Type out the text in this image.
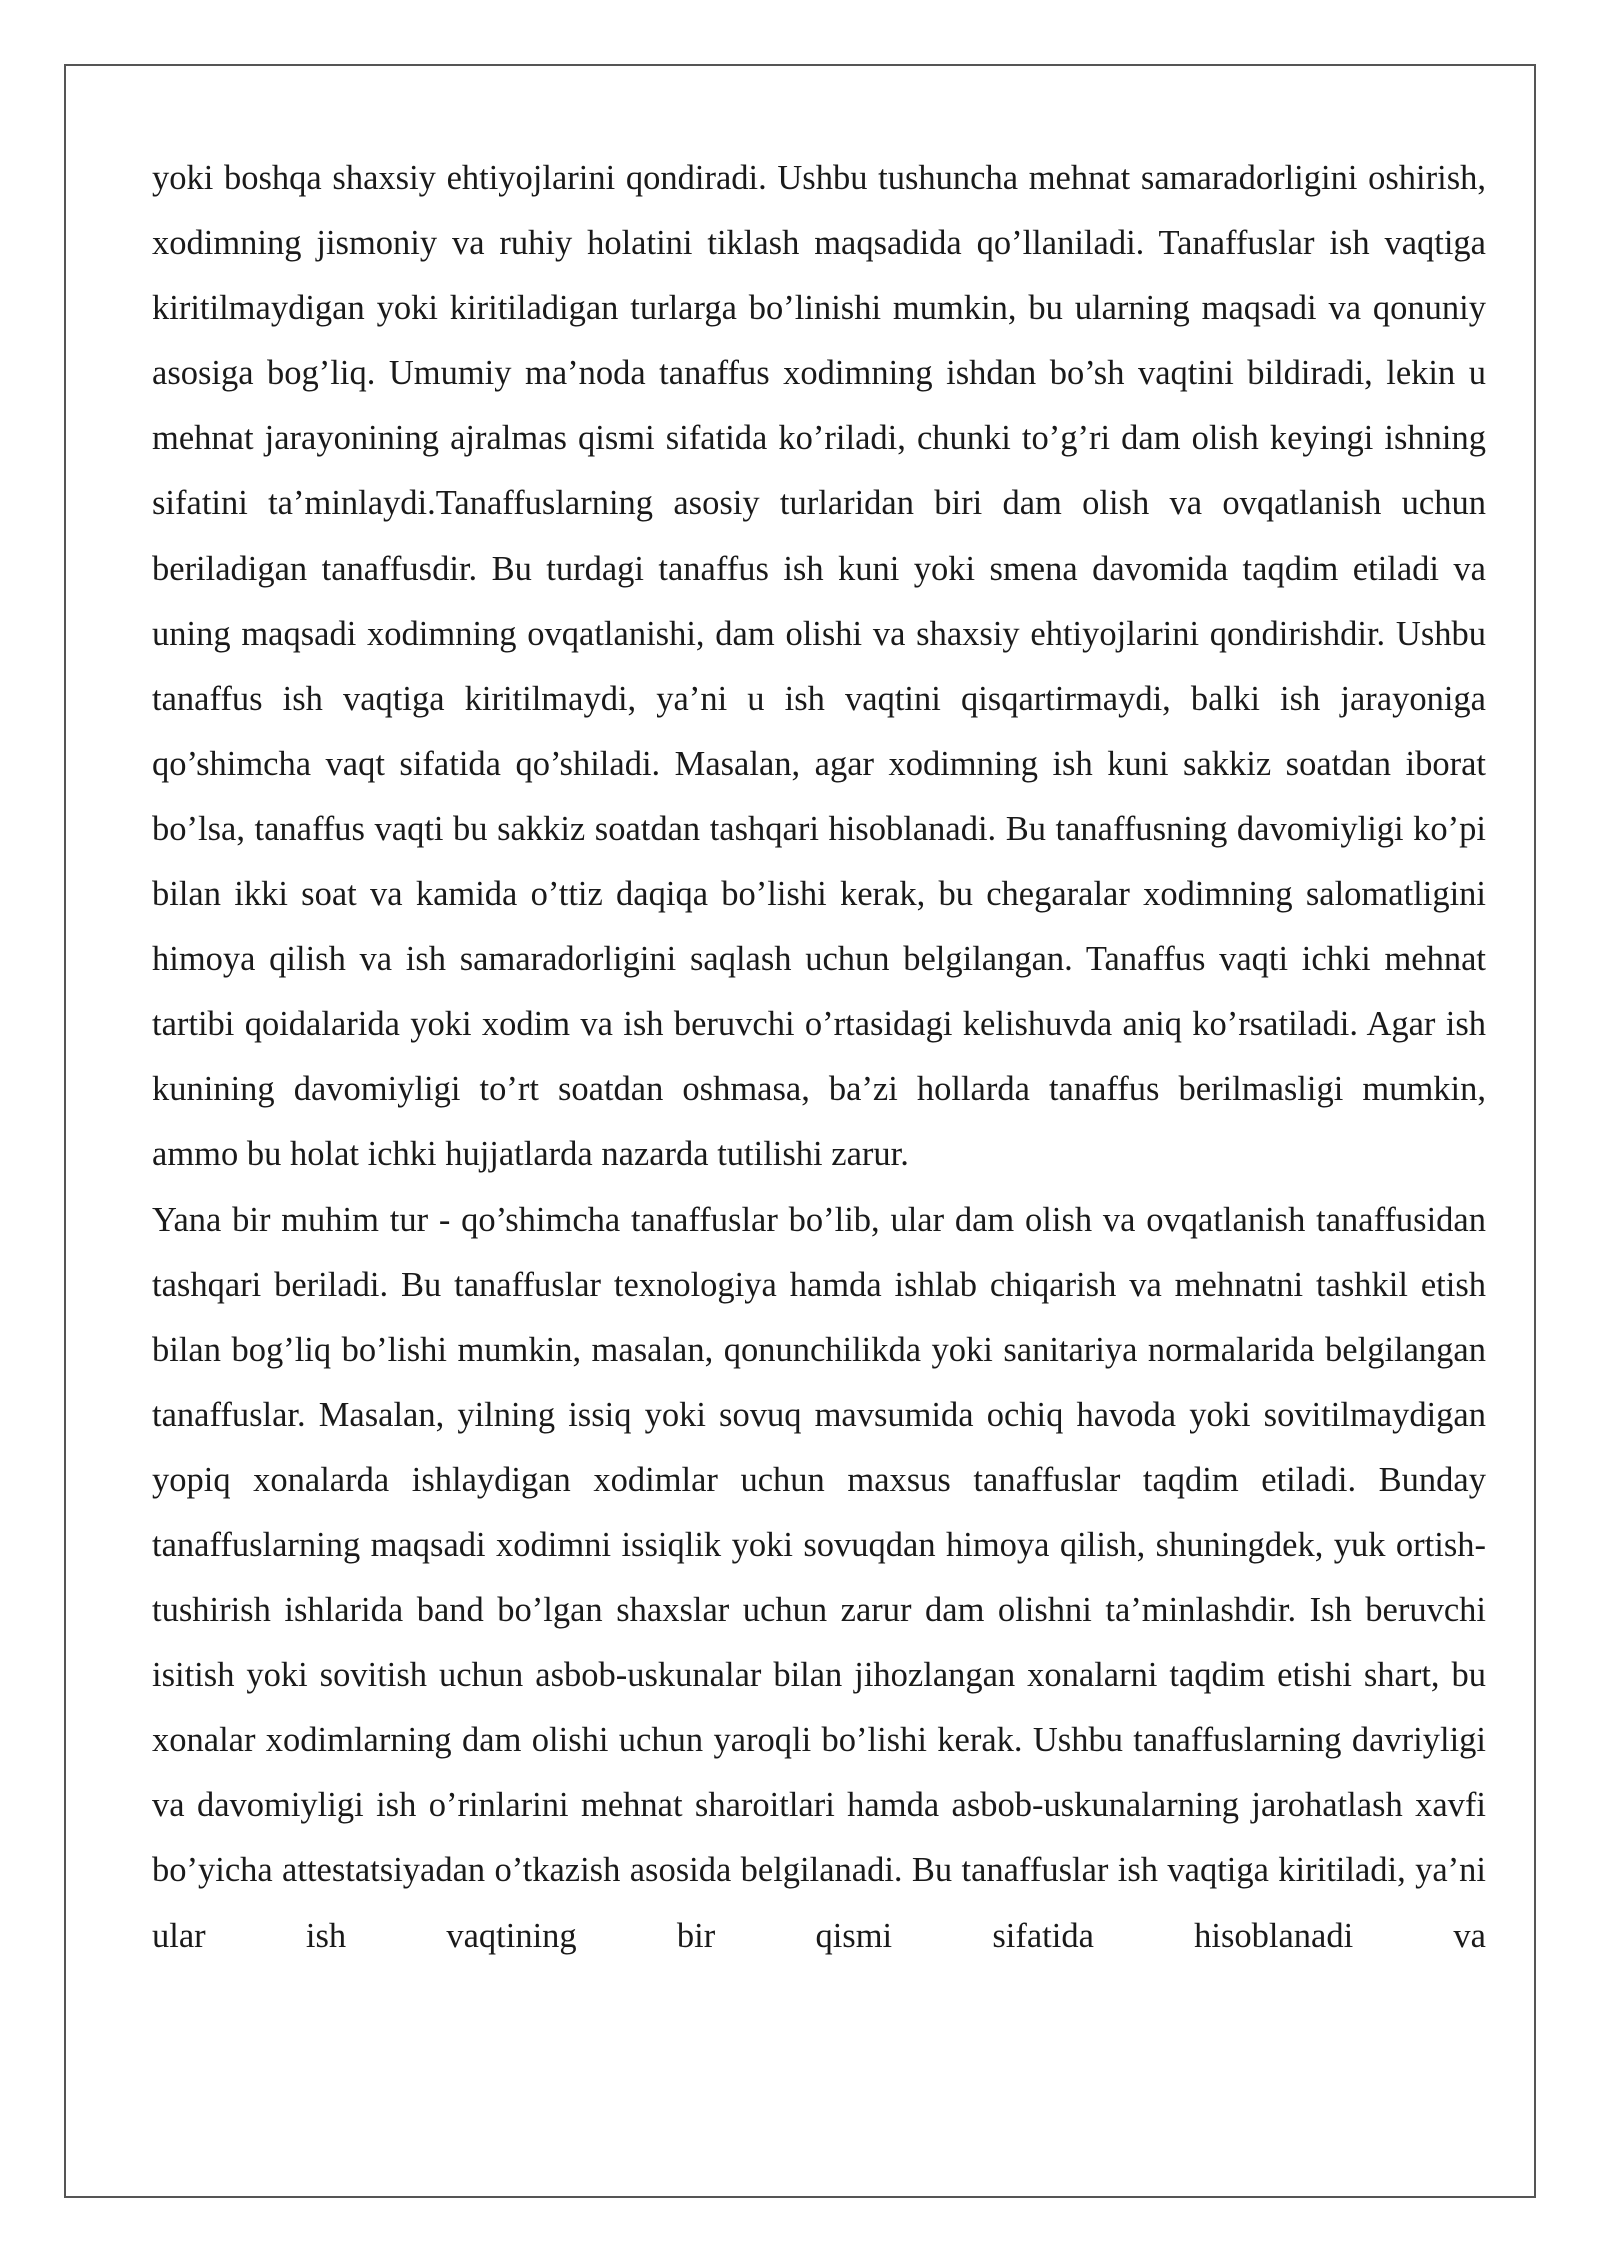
yoki boshqa shaxsiy ehtiyojlarini qondiradi. Ushbu tushuncha mehnat samaradorligini oshirish, xodimning jismoniy va ruhiy holatini tiklash maqsadida qo’llaniladi. Tanaffuslar ish vaqtiga kiritilmaydigan yoki kiritiladigan turlarga bo’linishi mumkin, bu ularning maqsadi va qonuniy asosiga bog’liq. Umumiy ma’noda tanaffus xodimning ishdan bo’sh vaqtini bildiradi, lekin u mehnat jarayonining ajralmas qismi sifatida ko’riladi, chunki to’g’ri dam olish keyingi ishning sifatini ta’minlaydi.Tanaffuslarning asosiy turlaridan biri dam olish va ovqatlanish uchun beriladigan tanaffusdir. Bu turdagi tanaffus ish kuni yoki smena davomida taqdim etiladi va uning maqsadi xodimning ovqatlanishi, dam olishi va shaxsiy ehtiyojlarini qondirishdir. Ushbu tanaffus ish vaqtiga kiritilmaydi, ya’ni u ish vaqtini qisqartirmaydi, balki ish jarayoniga qo’shimcha vaqt sifatida qo’shiladi. Masalan, agar xodimning ish kuni sakkiz soatdan iborat bo’lsa, tanaffus vaqti bu sakkiz soatdan tashqari hisoblanadi. Bu tanaffusning davomiyligi ko’pi bilan ikki soat va kamida o’ttiz daqiqa bo’lishi kerak, bu chegaralar xodimning salomatligini himoya qilish va ish samaradorligini saqlash uchun belgilangan. Tanaffus vaqti ichki mehnat tartibi qoidalarida yoki xodim va ish beruvchi o’rtasidagi kelishuvda aniq ko’rsatiladi. Agar ish kunining davomiyligi to’rt soatdan oshmasa, ba’zi hollarda tanaffus berilmasligi mumkin, ammo bu holat ichki hujjatlarda nazarda tutilishi zarur.

Yana bir muhim tur - qo’shimcha tanaffuslar bo’lib, ular dam olish va ovqatlanish tanaffusidan tashqari beriladi. Bu tanaffuslar texnologiya hamda ishlab chiqarish va mehnatni tashkil etish bilan bog’liq bo’lishi mumkin, masalan, qonunchilikda yoki sanitariya normalarida belgilangan tanaffuslar. Masalan, yilning issiq yoki sovuq mavsumida ochiq havoda yoki sovitilmaydigan yopiq xonalarda ishlaydigan xodimlar uchun maxsus tanaffuslar taqdim etiladi. Bunday tanaffuslarning maqsadi xodimni issiqlik yoki sovuqdan himoya qilish, shuningdek, yuk ortish-tushirish ishlarida band bo’lgan shaxslar uchun zarur dam olishni ta’minlashdir. Ish beruvchi isitish yoki sovitish uchun asbob-uskunalar bilan jihozlangan xonalarni taqdim etishi shart, bu xonalar xodimlarning dam olishi uchun yaroqli bo’lishi kerak. Ushbu tanaffuslarning davriyligi va davomiyligi ish o’rinlarini mehnat sharoitlari hamda asbob-uskunalarning jarohatlash xavfi bo’yicha attestatsiyadan o’tkazish asosida belgilanadi. Bu tanaffuslar ish vaqtiga kiritiladi, ya’ni ular ish vaqtining bir qismi sifatida hisoblanadi va
